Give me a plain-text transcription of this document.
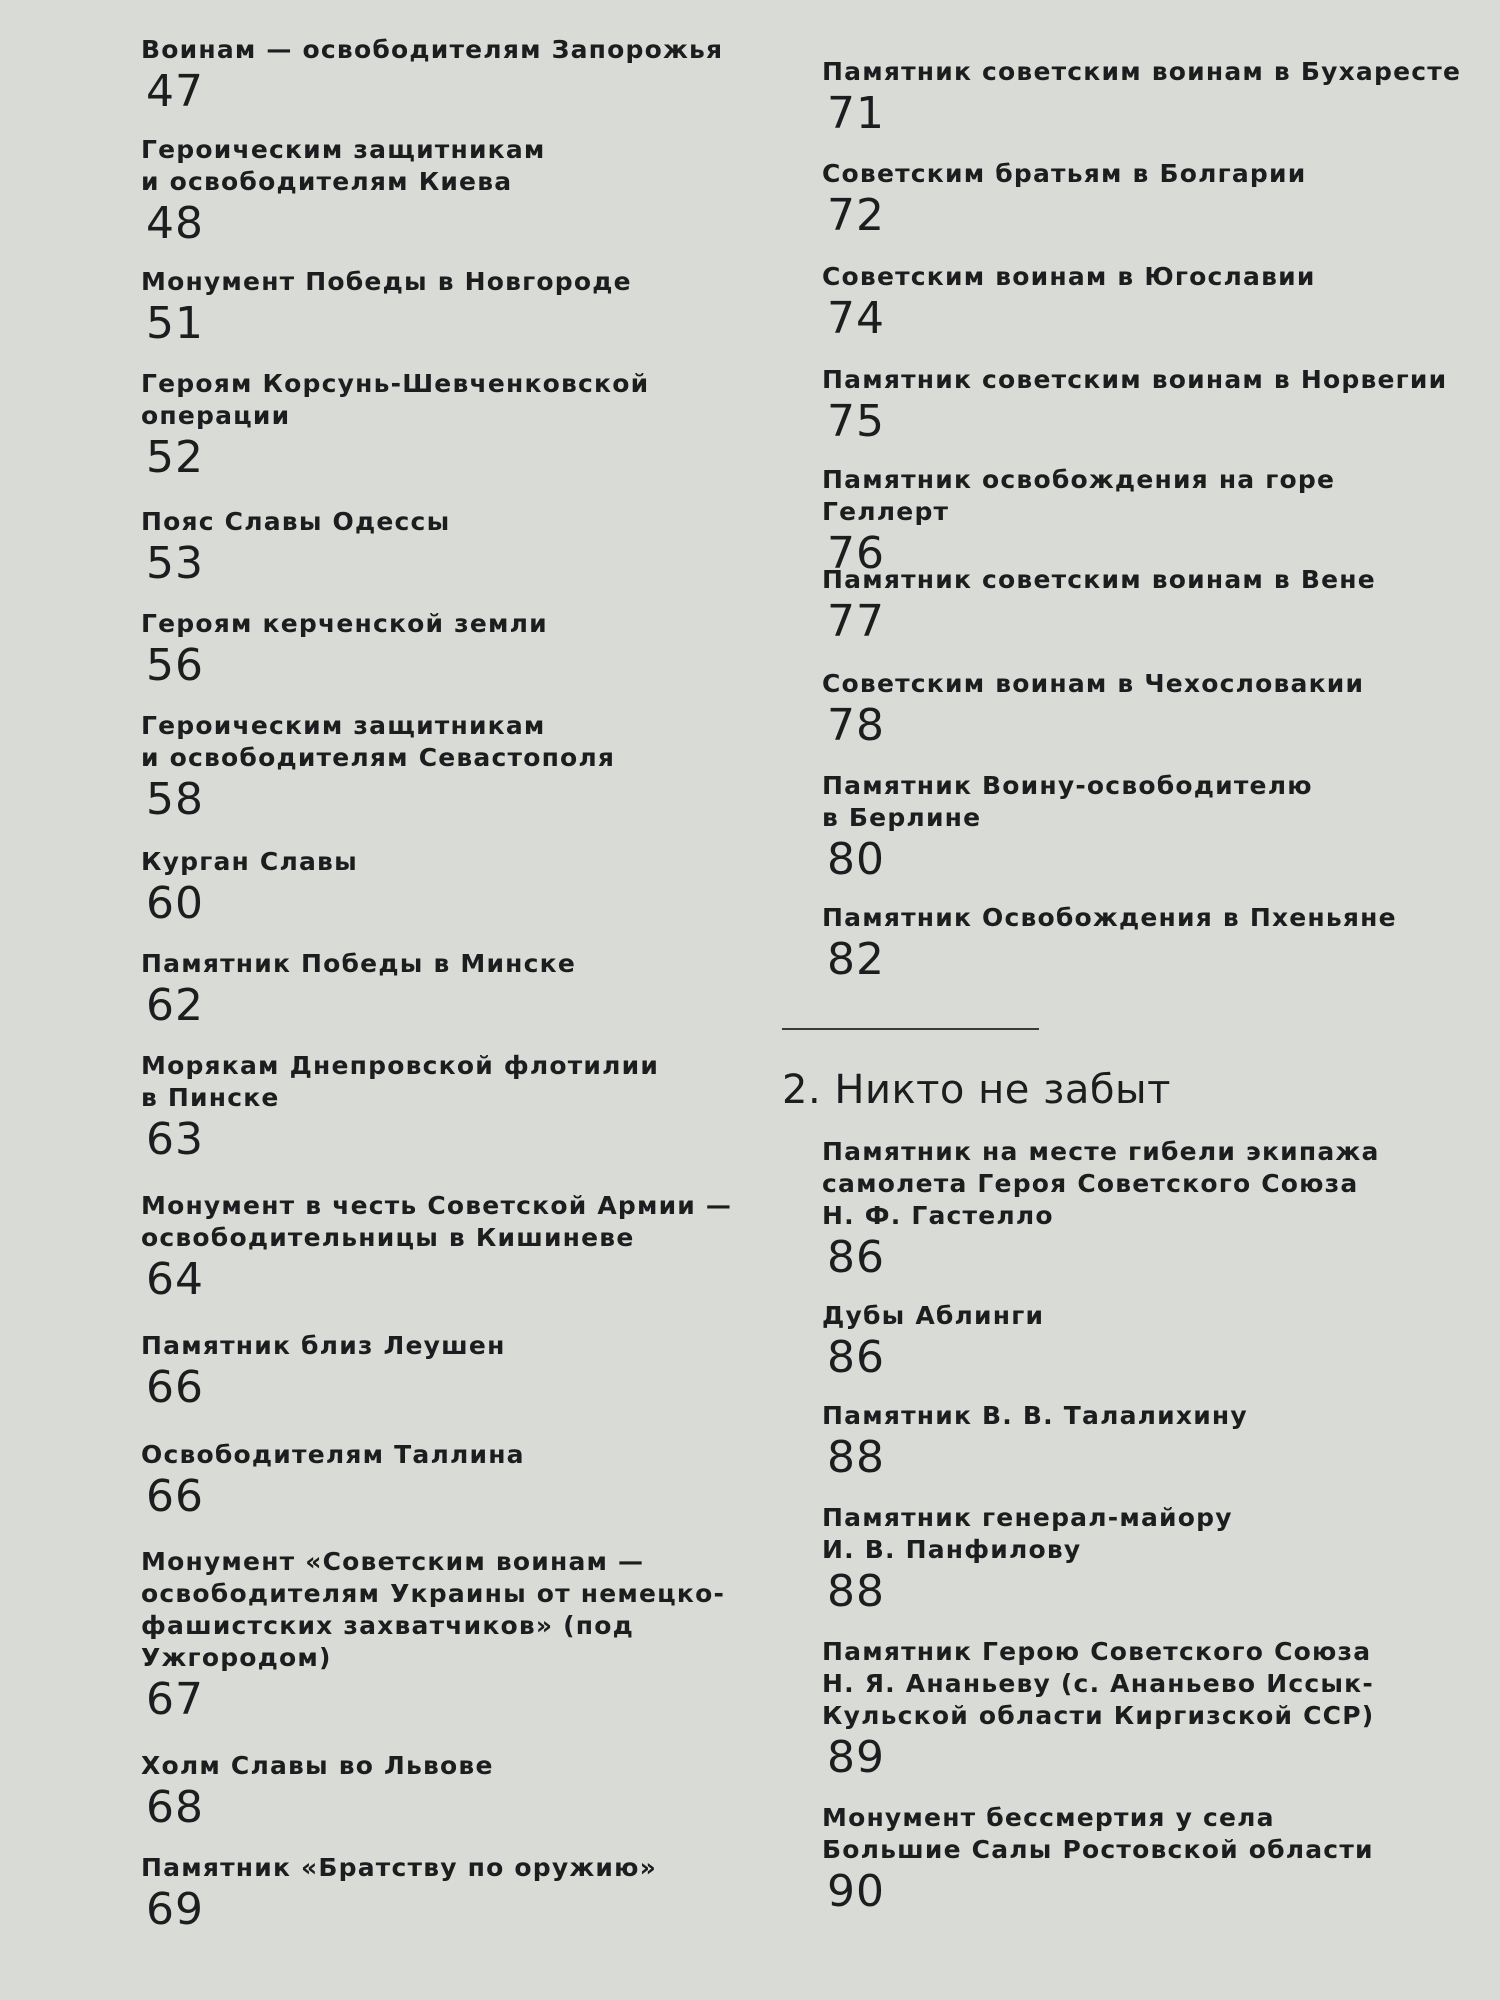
Воинам — освободителям Запорожья
47
Героическим защитникам
и освободителям Киева
48
Монумент Победы в Новгороде
51
Героям Корсунь-Шевченковской
операции
52
Пояс Славы Одессы
53
Героям керченской земли
56
Героическим защитникам
и освободителям Севастополя
58
Курган Славы
60
Памятник Победы в Минске
62
Морякам Днепровской флотилии
в Пинске
63
Монумент в честь Советской Армии —
освободительницы в Кишиневе
64
Памятник близ Леушен
66
Освободителям Таллина
66
Монумент «Советским воинам —
освободителям Украины от немецко-
фашистских захватчиков» (под
Ужгородом)
67
Холм Славы во Львове
68
Памятник «Братству по оружию»
69
Памятник советским воинам в Бухаресте
71
Советским братьям в Болгарии
72
Советским воинам в Югославии
74
Памятник советским воинам в Норвегии
75
Памятник освобождения на горе Геллерт
76
Памятник советским воинам в Вене
77
Советским воинам в Чехословакии
78
Памятник Воину-освободителю
в Берлине
80
Памятник Освобождения в Пхеньяне
82
2. Никто не забыт
Памятник на месте гибели экипажа
самолета Героя Советского Союза
Н. Ф. Гастелло
86
Дубы Аблинги
86
Памятник В. В. Талалихину
88
Памятник генерал-майору
И. В. Панфилову
88
Памятник Герою Советского Союза
Н. Я. Ананьеву (с. Ананьево Иссык-
Кульской области Киргизской ССР)
89
Монумент бессмертия у села
Большие Салы Ростовской области
90
